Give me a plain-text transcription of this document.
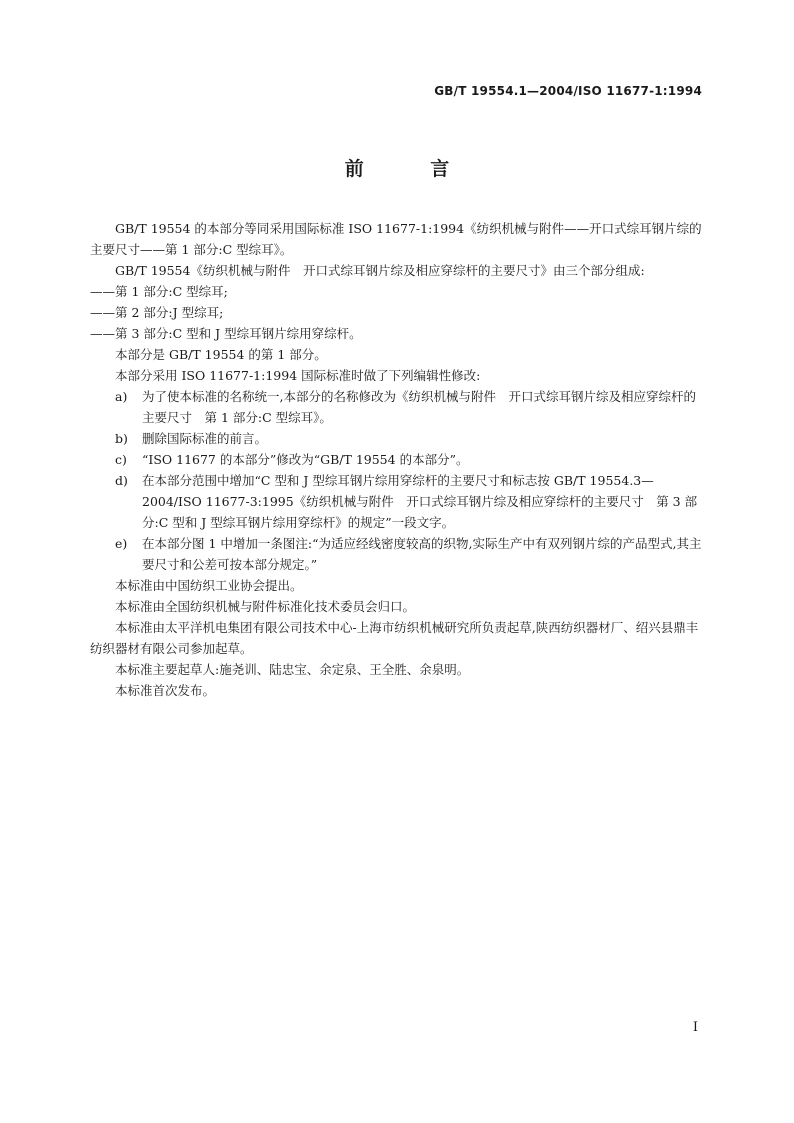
GB/T 19554.1—2004/ISO 11677-1:1994
前 言

GB/T 19554 的本部分等同采用国际标准 ISO 11677-1:1994《纺织机械与附件——开口式综耳钢片综的主要尺寸——第 1 部分:C 型综耳》。

GB/T 19554《纺织机械与附件　开口式综耳钢片综及相应穿综杆的主要尺寸》由三个部分组成:

——第 1 部分:C 型综耳;

——第 2 部分:J 型综耳;

——第 3 部分:C 型和 J 型综耳钢片综用穿综杆。

本部分是 GB/T 19554 的第 1 部分。

本部分采用 ISO 11677-1:1994 国际标准时做了下列编辑性修改:

a) 为了使本标准的名称统一,本部分的名称修改为《纺织机械与附件　开口式综耳钢片综及相应穿综杆的主要尺寸　第 1 部分:C 型综耳》。

b) 删除国际标准的前言。

c) “ISO 11677 的本部分”修改为“GB/T 19554 的本部分”。

d) 在本部分范围中增加“C 型和 J 型综耳钢片综用穿综杆的主要尺寸和标志按 GB/T 19554.3—2004/ISO 11677-3:1995《纺织机械与附件　开口式综耳钢片综及相应穿综杆的主要尺寸　第 3 部分:C 型和 J 型综耳钢片综用穿综杆》的规定”一段文字。

e) 在本部分图 1 中增加一条图注:“为适应经线密度较高的织物,实际生产中有双列钢片综的产品型式,其主要尺寸和公差可按本部分规定。”

本标准由中国纺织工业协会提出。

本标准由全国纺织机械与附件标准化技术委员会归口。

本标准由太平洋机电集团有限公司技术中心-上海市纺织机械研究所负责起草,陕西纺织器材厂、绍兴县鼎丰纺织器材有限公司参加起草。

本标准主要起草人:施尧训、陆忠宝、余定泉、王全胜、余泉明。

本标准首次发布。

I
